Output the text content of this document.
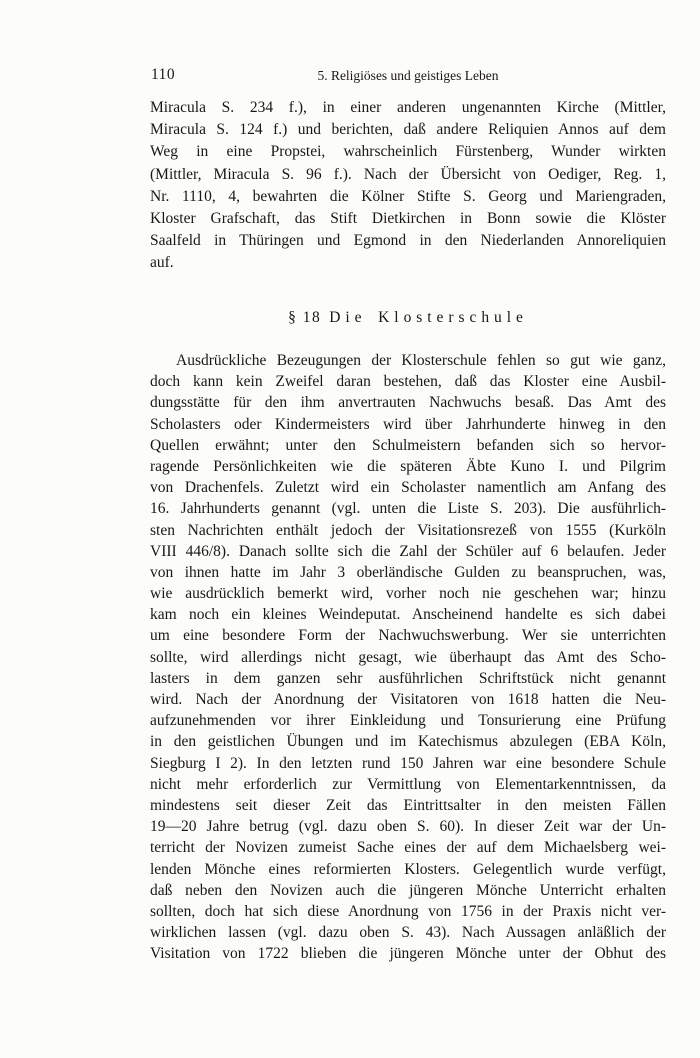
110	5. Religiöses und geistiges Leben
Miracula S. 234 f.), in einer anderen ungenannten Kirche (Mittler,
Miracula S. 124 f.) und berichten, daß andere Reliquien Annos auf dem
Weg in eine Propstei, wahrscheinlich Fürstenberg, Wunder wirkten
(Mittler, Miracula S. 96 f.). Nach der Übersicht von Oediger, Reg. 1,
Nr. 1110, 4, bewahrten die Kölner Stifte S. Georg und Mariengraden,
Kloster Grafschaft, das Stift Dietkirchen in Bonn sowie die Klöster
Saalfeld in Thüringen und Egmond in den Niederlanden Annoreliquien
auf.
§ 18 Die Klosterschule
Ausdrückliche Bezeugungen der Klosterschule fehlen so gut wie ganz,
doch kann kein Zweifel daran bestehen, daß das Kloster eine Ausbil-
dungsstätte für den ihm anvertrauten Nachwuchs besaß. Das Amt des
Scholasters oder Kindermeisters wird über Jahrhunderte hinweg in den
Quellen erwähnt; unter den Schulmeistern befanden sich so hervor-
ragende Persönlichkeiten wie die späteren Äbte Kuno I. und Pilgrim
von Drachenfels. Zuletzt wird ein Scholaster namentlich am Anfang des
16. Jahrhunderts genannt (vgl. unten die Liste S. 203). Die ausführlich-
sten Nachrichten enthält jedoch der Visitationsrezeß von 1555 (Kurköln
VIII 446/8). Danach sollte sich die Zahl der Schüler auf 6 belaufen. Jeder
von ihnen hatte im Jahr 3 oberländische Gulden zu beanspruchen, was,
wie ausdrücklich bemerkt wird, vorher noch nie geschehen war; hinzu
kam noch ein kleines Weindeputat. Anscheinend handelte es sich dabei
um eine besondere Form der Nachwuchswerbung. Wer sie unterrichten
sollte, wird allerdings nicht gesagt, wie überhaupt das Amt des Scho-
lasters in dem ganzen sehr ausführlichen Schriftstück nicht genannt
wird. Nach der Anordnung der Visitatoren von 1618 hatten die Neu-
aufzunehmenden vor ihrer Einkleidung und Tonsurierung eine Prüfung
in den geistlichen Übungen und im Katechismus abzulegen (EBA Köln,
Siegburg I 2). In den letzten rund 150 Jahren war eine besondere Schule
nicht mehr erforderlich zur Vermittlung von Elementarkenntnissen, da
mindestens seit dieser Zeit das Eintrittsalter in den meisten Fällen
19—20 Jahre betrug (vgl. dazu oben S. 60). In dieser Zeit war der Un-
terricht der Novizen zumeist Sache eines der auf dem Michaelsberg wei-
lenden Mönche eines reformierten Klosters. Gelegentlich wurde verfügt,
daß neben den Novizen auch die jüngeren Mönche Unterricht erhalten
sollten, doch hat sich diese Anordnung von 1756 in der Praxis nicht ver-
wirklichen lassen (vgl. dazu oben S. 43). Nach Aussagen anläßlich der
Visitation von 1722 blieben die jüngeren Mönche unter der Obhut des
